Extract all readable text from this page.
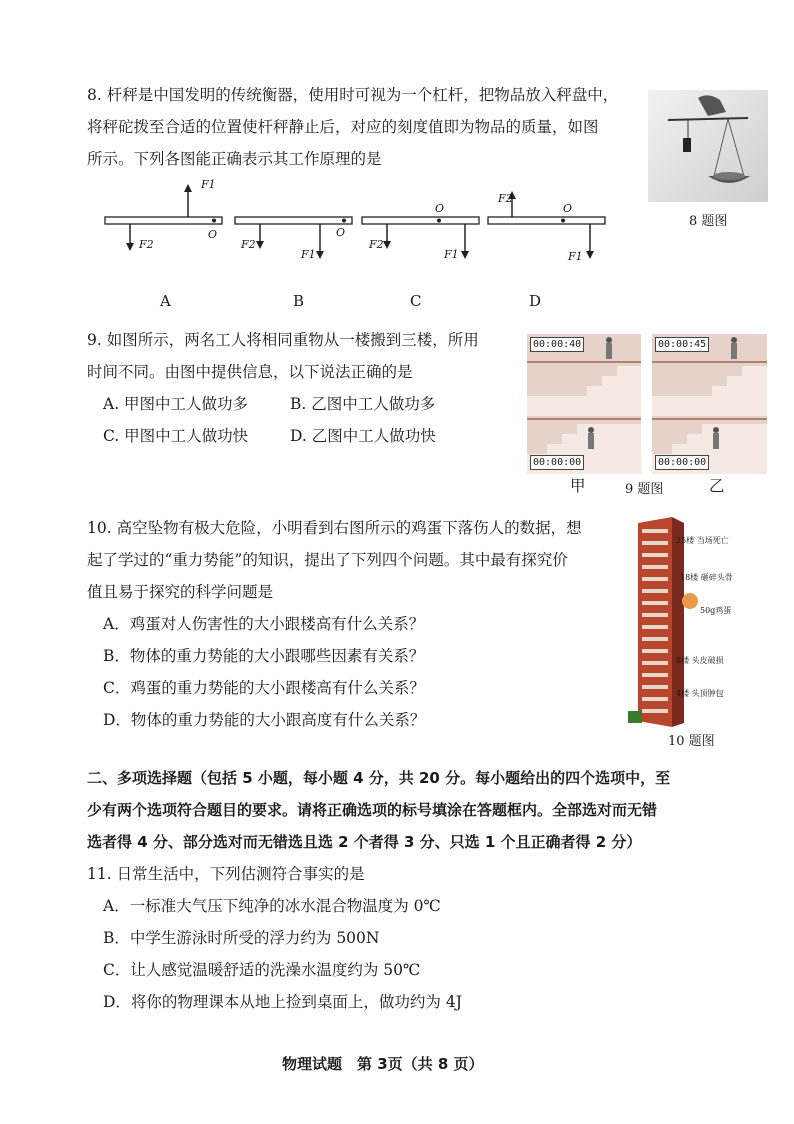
8. 杆秤是中国发明的传统衡器，使用时可视为一个杠杆，把物品放入秤盘中，
将秤砣拨至合适的位置使杆秤静止后，对应的刻度值即为物品的质量，如图
所示。下列各图能正确表示其工作原理的是
8 题图
F1
F2
O
F2
F1
O
F2
F1
O
F2
O
F1
A	B	C	D
9. 如图所示，两名工人将相同重物从一楼搬到三楼，所用
时间不同。由图中提供信息，以下说法正确的是
A. 甲图中工人做功多	B. 乙图中工人做功多
C. 甲图中工人做功快	D. 乙图中工人做功快
00:00:40
00:00:00
00:00:45
00:00:00
甲	9 题图	乙
10. 高空坠物有极大危险，小明看到右图所示的鸡蛋下落伤人的数据，想
起了学过的“重力势能”的知识，提出了下列四个问题。其中最有探究价
值且易于探究的科学问题是
A．鸡蛋对人伤害性的大小跟楼高有什么关系？
B．物体的重力势能的大小跟哪些因素有关系？
C．鸡蛋的重力势能的大小跟楼高有什么关系？
D．物体的重力势能的大小跟高度有什么关系？
25楼 当场死亡
18楼 砸碎头骨
50g鸡蛋
8楼 头皮破损
4楼 头顶肿包
10 题图
二、多项选择题（包括 5 小题，每小题 4 分，共 20 分。每小题给出的四个选项中，至
少有两个选项符合题目的要求。请将正确选项的标号填涂在答题框内。全部选对而无错
选者得 4 分、部分选对而无错选且选 2 个者得 3 分、只选 1 个且正确者得 2 分）
11. 日常生活中，下列估测符合事实的是
A．一标准大气压下纯净的冰水混合物温度为 0℃
B．中学生游泳时所受的浮力约为 500N
C．让人感觉温暖舒适的洗澡水温度约为 50℃
D．将你的物理课本从地上捡到桌面上，做功约为 4J
物理试题　第 3页（共 8 页）
